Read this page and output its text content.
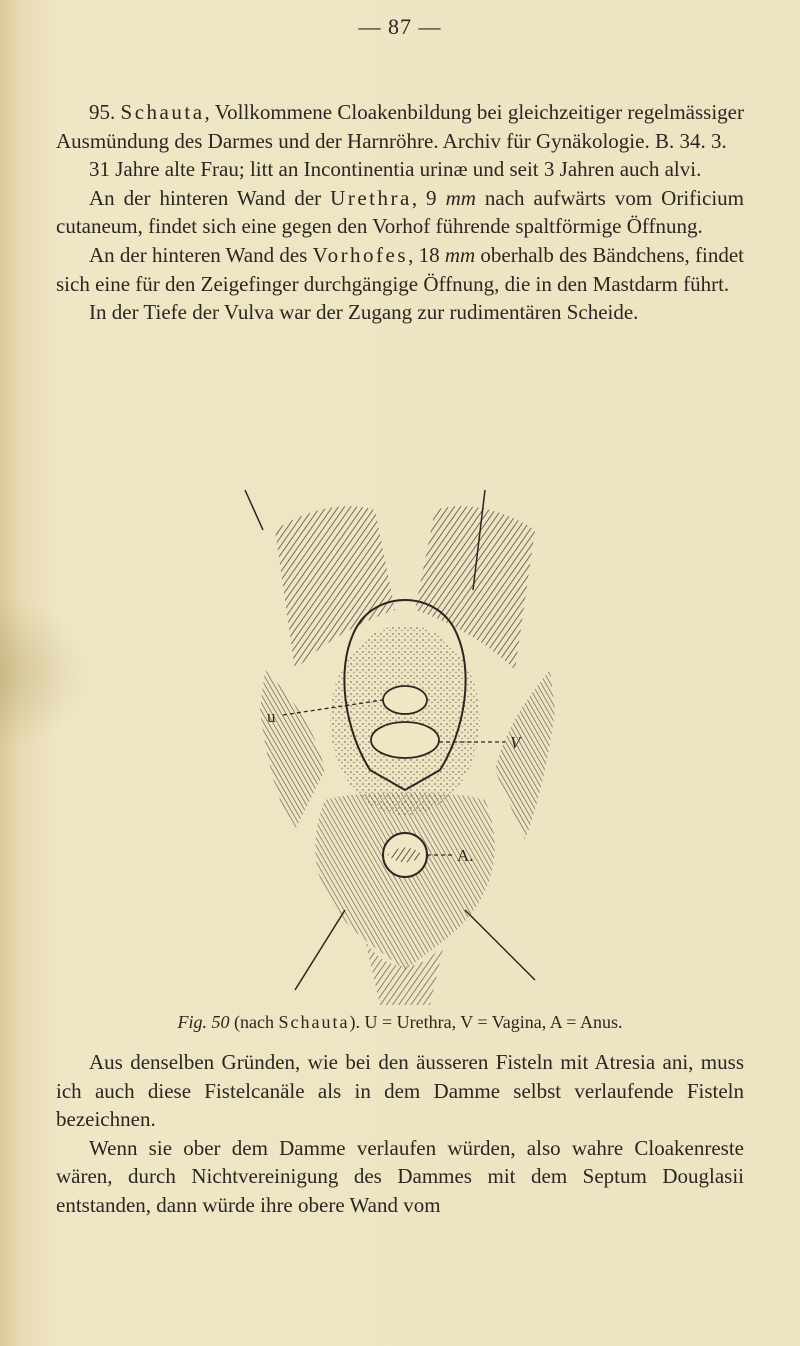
— 87 —

95. Schauta, Vollkommene Cloakenbildung bei gleichzeitiger regelmässiger Ausmündung des Darmes und der Harnröhre. Archiv für Gynäkologie. B. 34. 3.

31 Jahre alte Frau; litt an Incontinentia urinæ und seit 3 Jahren auch alvi.

An der hinteren Wand der Urethra, 9 mm nach aufwärts vom Orificium cutaneum, findet sich eine gegen den Vorhof führende spaltförmige Öffnung.

An der hinteren Wand des Vorhofes, 18 mm oberhalb des Bändchens, findet sich eine für den Zeigefinger durchgängige Öffnung, die in den Mastdarm führt.

In der Tiefe der Vulva war der Zugang zur rudimentären Scheide.

u
V
A.
Fig. 50 (nach Schauta). U = Urethra, V = Vagina, A = Anus.

Aus denselben Gründen, wie bei den äusseren Fisteln mit Atresia ani, muss ich auch diese Fistelcanäle als in dem Damme selbst verlaufende Fisteln bezeichnen.

Wenn sie ober dem Damme verlaufen würden, also wahre Cloakenreste wären, durch Nichtvereinigung des Dammes mit dem Septum Douglasii entstanden, dann würde ihre obere Wand vom
